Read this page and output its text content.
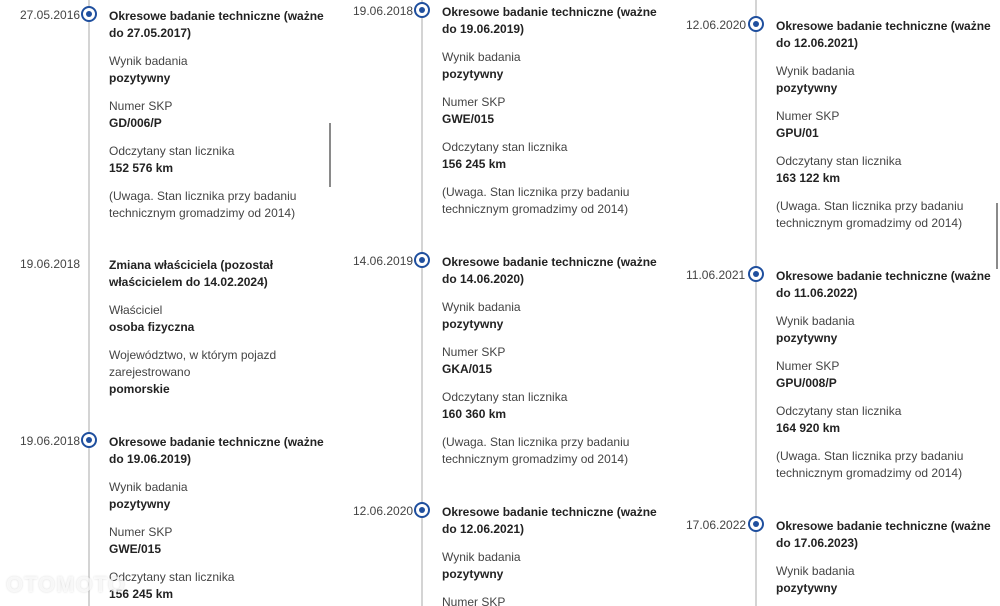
27.05.2016 Okresowe badanie techniczne (ważne do 27.05.2017)
Wynik badania
pozytywny
Numer SKP
GD/006/P
Odczytany stan licznika
152 576 km
(Uwaga. Stan licznika przy badaniu technicznym gromadzimy od 2014)
19.06.2018 Zmiana właściciela (pozostał właścicielem do 14.02.2024)
Właściciel
osoba fizyczna
Województwo, w którym pojazd zarejestrowano
pomorskie
19.06.2018 Okresowe badanie techniczne (ważne do 19.06.2019)
Wynik badania
pozytywny
Numer SKP
GWE/015
Odczytany stan licznika
156 245 km
19.06.2018 Okresowe badanie techniczne (ważne do 19.06.2019)
Wynik badania
pozytywny
Numer SKP
GWE/015
Odczytany stan licznika
156 245 km
(Uwaga. Stan licznika przy badaniu technicznym gromadzimy od 2014)
14.06.2019 Okresowe badanie techniczne (ważne do 14.06.2020)
Wynik badania
pozytywny
Numer SKP
GKA/015
Odczytany stan licznika
160 360 km
(Uwaga. Stan licznika przy badaniu technicznym gromadzimy od 2014)
12.06.2020 Okresowe badanie techniczne (ważne do 12.06.2021)
Wynik badania
pozytywny
Numer SKP
12.06.2020 Okresowe badanie techniczne (ważne do 12.06.2021)
Wynik badania
pozytywny
Numer SKP
GPU/01
Odczytany stan licznika
163 122 km
(Uwaga. Stan licznika przy badaniu technicznym gromadzimy od 2014)
11.06.2021	Okresowe badanie techniczne (ważne do 11.06.2022)
Wynik badania
pozytywny
Numer SKP
GPU/008/P
Odczytany stan licznika
164 920 km
(Uwaga. Stan licznika przy badaniu technicznym gromadzimy od 2014)
17.06.2022 Okresowe badanie techniczne (ważne do 17.06.2023)
Wynik badania
pozytywny
OTOMOTO
